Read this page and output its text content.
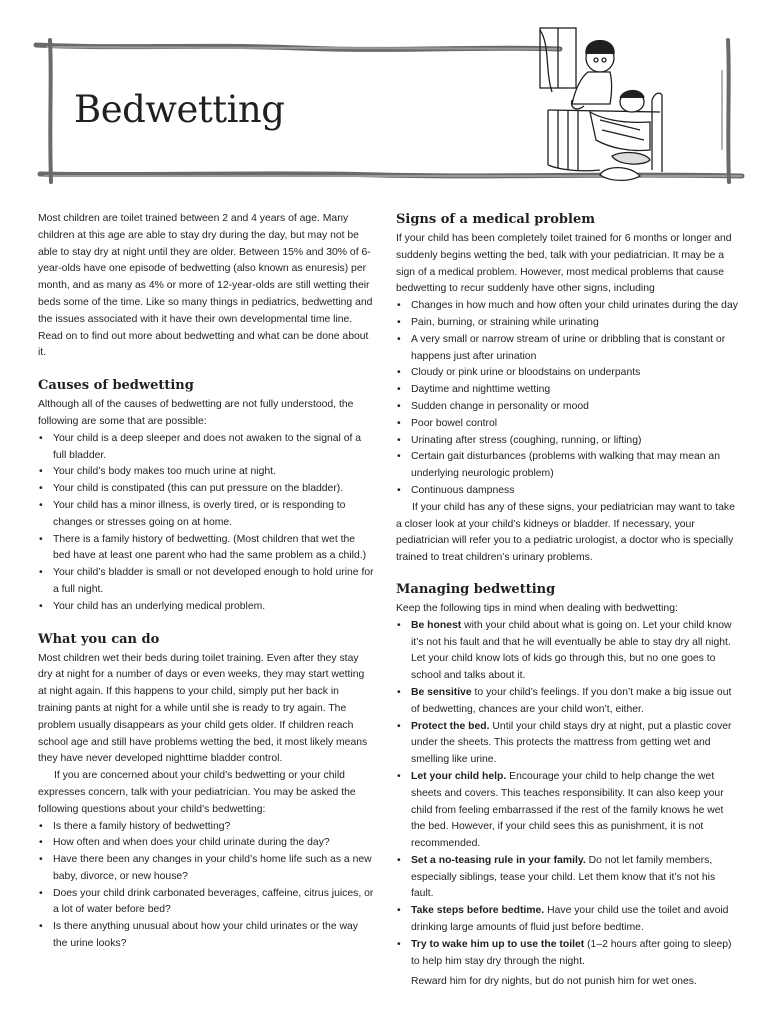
Bedwetting

Most children are toilet trained between 2 and 4 years of age. Many children at this age are able to stay dry during the day, but may not be able to stay dry at night until they are older. Between 15% and 30% of 6-year-olds have one episode of bedwetting (also known as enuresis) per month, and as many as 4% or more of 12-year-olds are still wetting their beds some of the time. Like so many things in pediatrics, bedwetting and the issues associated with it have their own developmental time line. Read on to find out more about bedwetting and what can be done about it.

Causes of bedwetting

Although all of the causes of bedwetting are not fully understood, the following are some that are possible:

• Your child is a deep sleeper and does not awaken to the signal of a full bladder.
• Your child’s body makes too much urine at night.
• Your child is constipated (this can put pressure on the bladder).
• Your child has a minor illness, is overly tired, or is responding to changes or stresses going on at home.
• There is a family history of bedwetting. (Most children that wet the bed have at least one parent who had the same problem as a child.)
• Your child’s bladder is small or not developed enough to hold urine for a full night.
• Your child has an underlying medical problem.
What you can do

Most children wet their beds during toilet training. Even after they stay dry at night for a number of days or even weeks, they may start wetting at night again. If this happens to your child, simply put her back in training pants at night for a while until she is ready to try again. The problem usually disappears as your child gets older. If children reach school age and still have problems wetting the bed, it most likely means they have never developed nighttime bladder control.

If you are concerned about your child’s bedwetting or your child expresses concern, talk with your pediatrician. You may be asked the following questions about your child’s bedwetting:

• Is there a family history of bedwetting?
• How often and when does your child urinate during the day?
• Have there been any changes in your child’s home life such as a new baby, divorce, or new house?
• Does your child drink carbonated beverages, caffeine, citrus juices, or a lot of water before bed?
• Is there anything unusual about how your child urinates or the way the urine looks?
Signs of a medical problem

If your child has been completely toilet trained for 6 months or longer and suddenly begins wetting the bed, talk with your pediatrician. It may be a sign of a medical problem. However, most medical problems that cause bedwetting to recur suddenly have other signs, including

• Changes in how much and how often your child urinates during the day
• Pain, burning, or straining while urinating
• A very small or narrow stream of urine or dribbling that is constant or happens just after urination
• Cloudy or pink urine or bloodstains on underpants
• Daytime and nighttime wetting
• Sudden change in personality or mood
• Poor bowel control
• Urinating after stress (coughing, running, or lifting)
• Certain gait disturbances (problems with walking that may mean an underlying neurologic problem)
• Continuous dampness

If your child has any of these signs, your pediatrician may want to take a closer look at your child’s kidneys or bladder. If necessary, your pediatrician will refer you to a pediatric urologist, a doctor who is specially trained to treat children’s urinary problems.

Managing bedwetting

Keep the following tips in mind when dealing with bedwetting:

• Be honest with your child about what is going on. Let your child know it’s not his fault and that he will eventually be able to stay dry all night. Let your child know lots of kids go through this, but no one goes to school and talks about it.
• Be sensitive to your child’s feelings. If you don’t make a big issue out of bedwetting, chances are your child won’t, either.
• Protect the bed. Until your child stays dry at night, put a plastic cover under the sheets. This protects the mattress from getting wet and smelling like urine.
• Let your child help. Encourage your child to help change the wet sheets and covers. This teaches responsibility. It can also keep your child from feeling embarrassed if the rest of the family knows he wet the bed. However, if your child sees this as punishment, it is not recommended.
• Set a no-teasing rule in your family. Do not let family members, especially siblings, tease your child. Let them know that it’s not his fault.
• Take steps before bedtime. Have your child use the toilet and avoid drinking large amounts of fluid just before bedtime.
• Try to wake him up to use the toilet (1–2 hours after going to sleep) to help him stay dry through the night.

Reward him for dry nights, but do not punish him for wet ones.
